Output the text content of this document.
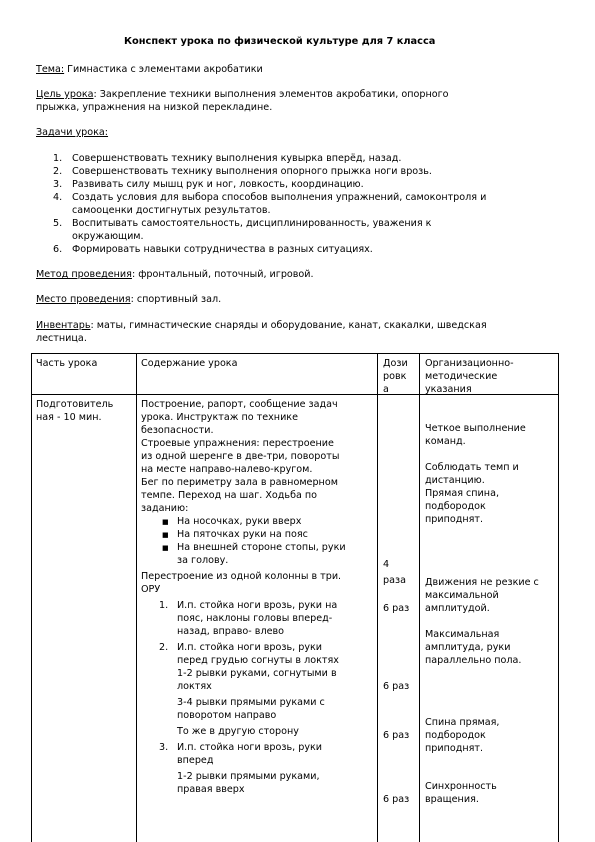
Конспект урока по физической культуре для 7 класса
Тема: Гимнастика с элементами акробатики
Цель урока: Закрепление техники выполнения элементов акробатики, опорного
прыжка, упражнения на низкой перекладине.
Задачи урока:
1. Совершенствовать технику выполнения кувырка вперёд, назад.
2. Совершенствовать технику выполнения опорного прыжка ноги врозь.
3. Развивать силу мышц рук и ног, ловкость, координацию.
4. Создать условия для выбора способов выполнения упражнений, самоконтроля и
самооценки достигнутых результатов.
5. Воспитывать самостоятельность, дисциплинированность, уважения к
окружающим.
6. Формировать навыки сотрудничества в разных ситуациях.
Метод проведения: фронтальный, поточный, игровой.
Место проведения: спортивный зал.
Инвентарь: маты, гимнастические снаряды и оборудование, канат, скакалки, шведская
лестница.
Часть урока	Содержание урока	Дози
ровк
а
Организационно-
методические
указания
Подготовитель
ная - 10 мин.
Построение, рапорт, сообщение задач
урока. Инструктаж по технике
безопасности.
Строевые упражнения: перестроение
из одной шеренге в две-три, повороты
на месте направо-налево-кругом.
Бег по периметру зала в равномерном
темпе. Переход на шаг. Ходьба по
заданию:
■ На носочках, руки вверх
■ На пяточках руки на пояс
■ На внешней стороне стопы, руки
за голову.
Перестроение из одной колонны в три.
ОРУ
1. И.п. стойка ноги врозь, руки на
пояс, наклоны головы вперед-
назад, вправо- влево
2. И.п. стойка ноги врозь, руки
перед грудью согнуты в локтях
1-2 рывки руками, согнутыми в
локтях
3-4 рывки прямыми руками с
поворотом направо
То же в другую сторону
3. И.п. стойка ноги врозь, руки
вперед
1-2 рывки прямыми руками,
правая вверх
4
раза
6 раз
6 раз
6 раз
6 раз
Четкое выполнение
команд.
Соблюдать темп и
дистанцию.
Прямая спина,
подбородок
приподнят.
Движения не резкие с
максимальной
амплитудой.
Максимальная
амплитуда, руки
параллельно пола.
Спина прямая,
подбородок
приподнят.
Синхронность
вращения.
